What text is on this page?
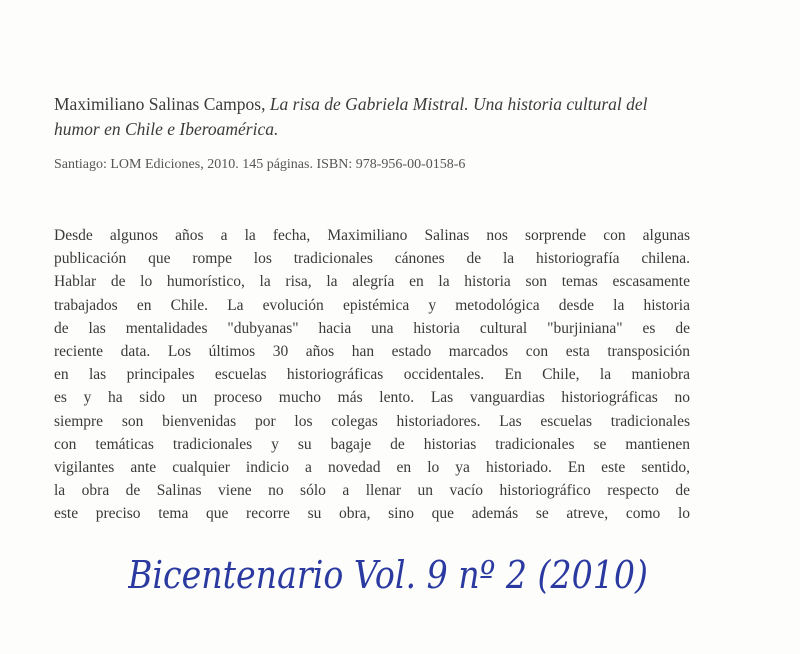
Maximiliano Salinas Campos, La risa de Gabriela Mistral. Una historia cultural del humor en Chile e Iberoamérica.
Santiago: LOM Ediciones, 2010. 145 páginas. ISBN: 978-956-00-0158-6
Desde algunos años a la fecha, Maximiliano Salinas nos sorprende con algunas
publicación que rompe los tradicionales cánones de la historiografía chilena.
Hablar de lo humorístico, la risa, la alegría en la historia son temas escasamente
trabajados en Chile. La evolución epistémica y metodológica desde la historia
de las mentalidades "dubyanas" hacia una historia cultural "burjiniana" es de
reciente data. Los últimos 30 años han estado marcados con esta transposición
en las principales escuelas historiográficas occidentales. En Chile, la maniobra
es y ha sido un proceso mucho más lento. Las vanguardias historiográficas no
siempre son bienvenidas por los colegas historiadores. Las escuelas tradicionales
con temáticas tradicionales y su bagaje de historias tradicionales se mantienen
vigilantes ante cualquier indicio a novedad en lo ya historiado. En este sentido,
la obra de Salinas viene no sólo a llenar un vacío historiográfico respecto de
este preciso tema que recorre su obra, sino que además se atreve, como lo
Bicentenario Vol. 9 nº 2 (2010)
